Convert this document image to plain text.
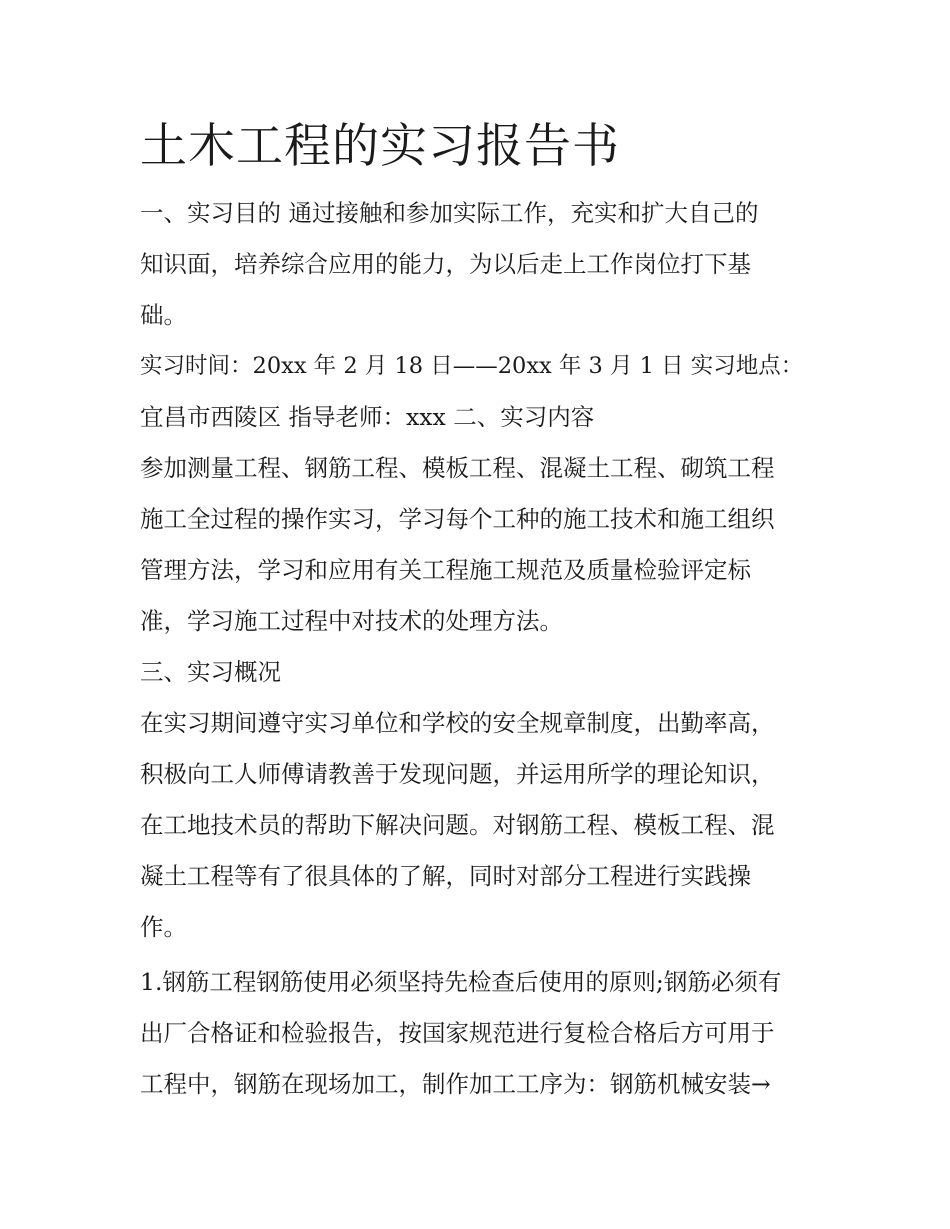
土木工程的实习报告书

一、实习目的 通过接触和参加实际工作，充实和扩大自己的
知识面，培养综合应用的能力，为以后走上工作岗位打下基
础。

实习时间：20xx 年 2 月 18 日——20xx 年 3 月 1 日 实习地点：
宜昌市西陵区 指导老师：xxx 二、实习内容

参加测量工程、钢筋工程、模板工程、混凝土工程、砌筑工程
施工全过程的操作实习，学习每个工种的施工技术和施工组织
管理方法，学习和应用有关工程施工规范及质量检验评定标
准，学习施工过程中对技术的处理方法。

三、实习概况

在实习期间遵守实习单位和学校的安全规章制度，出勤率高，
积极向工人师傅请教善于发现问题，并运用所学的理论知识，
在工地技术员的帮助下解决问题。对钢筋工程、模板工程、混
凝土工程等有了很具体的了解，同时对部分工程进行实践操
作。

1.钢筋工程钢筋使用必须坚持先检查后使用的原则;钢筋必须有
出厂合格证和检验报告，按国家规范进行复检合格后方可用于
工程中，钢筋在现场加工，制作加工工序为：钢筋机械安装→
